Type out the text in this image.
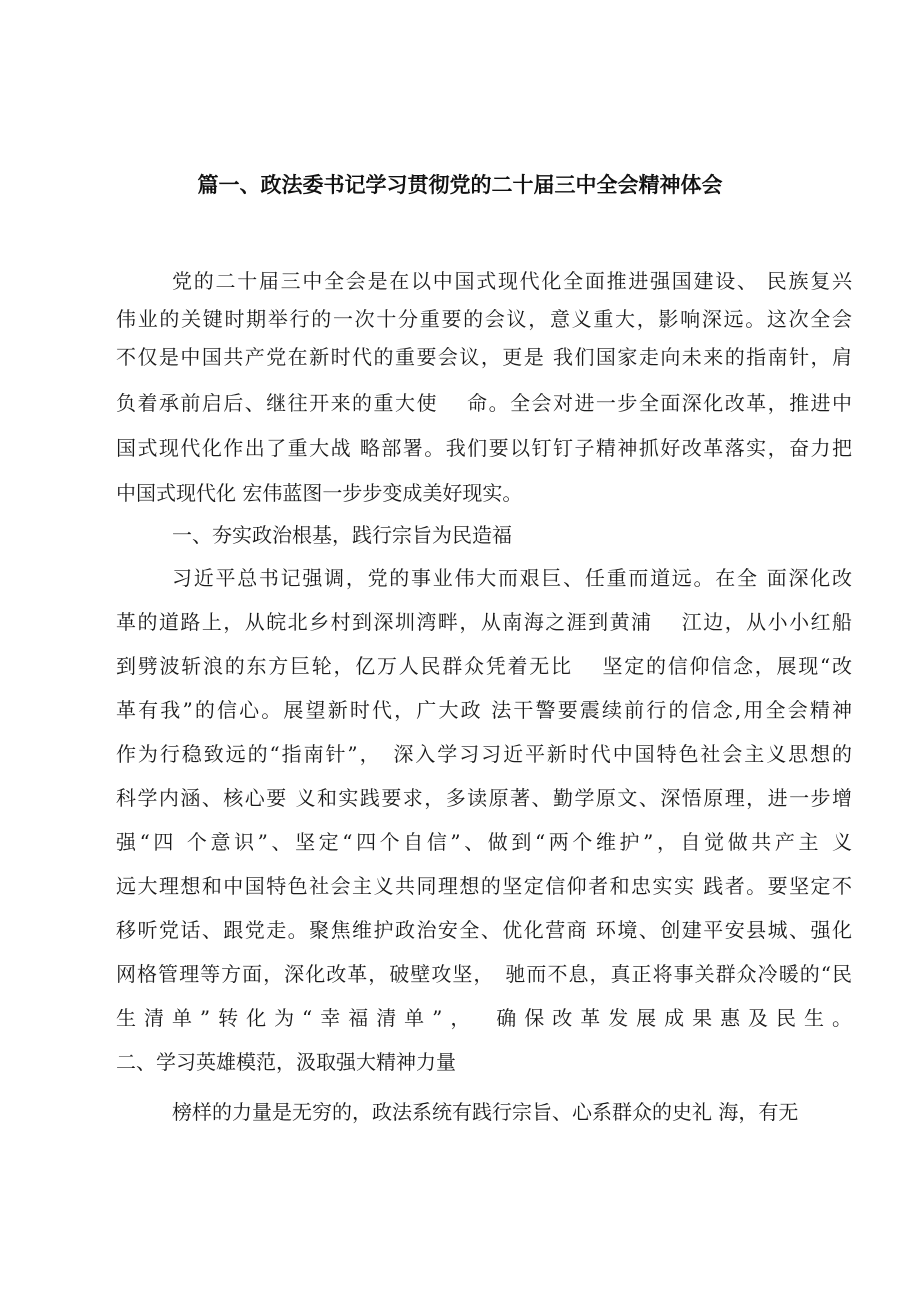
篇一、政法委书记学习贯彻党的二十届三中全会精神体会
党的二十届三中全会是在以中国式现代化全面推进强国建设、 民族复兴
伟业的关键时期举行的一次十分重要的会议，意义重大，影响深远。这次全会
不仅是中国共产党在新时代的重要会议，更是 我们国家走向未来的指南针，肩
负着承前启后、继往开来的重大使　 命。全会对进一步全面深化改革，推进中
国式现代化作出了重大战 略部署。我们要以钉钉子精神抓好改革落实，奋力把
中国式现代化 宏伟蓝图一步步变成美好现实。
一、夯实政治根基，践行宗旨为民造福
习近平总书记强调，党的事业伟大而艰巨、任重而道远。在全 面深化改
革的道路上，从皖北乡村到深圳湾畔，从南海之涯到黄浦　 江边，从小小红船
到劈波斩浪的东方巨轮，亿万人民群众凭着无比　 坚定的信仰信念，展现“改
革有我”的信心。展望新时代，广大政 法干警要震续前行的信念,用全会精神
作为行稳致远的“指南针”，　深入学习习近平新时代中国特色社会主义思想的
科学内涵、核心要 义和实践要求，多读原著、勤学原文、深悟原理，进一步增
强“四 个意识”、坚定“四个自信”、做到“两个维护”，自觉做共产主 义
远大理想和中国特色社会主义共同理想的坚定信仰者和忠实实 践者。要坚定不
移听党话、跟党走。聚焦维护政治安全、优化营商 环境、创建平安县城、强化
网格管理等方面，深化改革，破壁攻坚，　驰而不息，真正将事关群众冷暖的“民
生清单”转化为“幸福清单”，　确保改革发展成果惠及民生。
二、学习英雄模范，汲取强大精神力量
榜样的力量是无穷的，政法系统有践行宗旨、心系群众的史礼 海，有无
